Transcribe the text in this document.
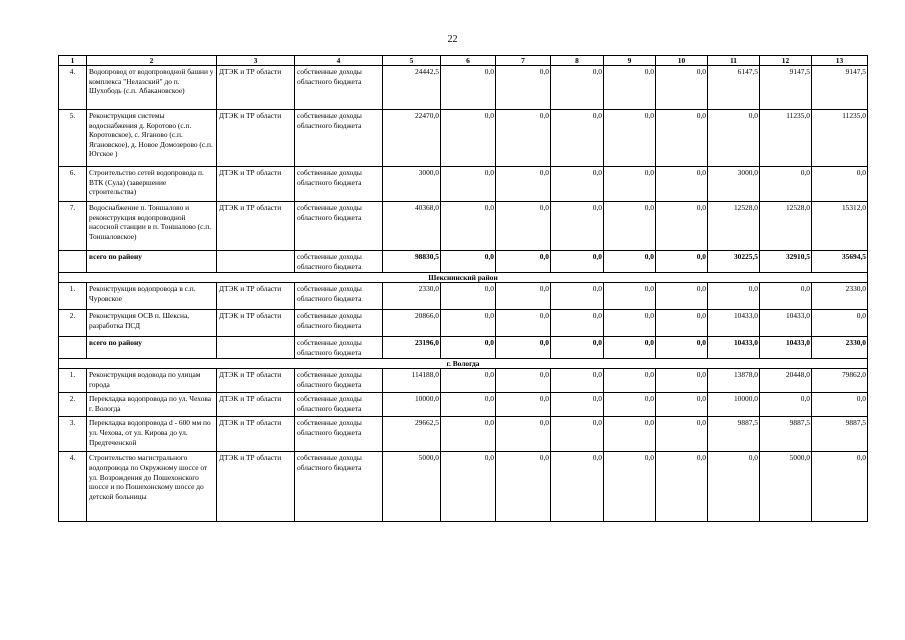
22
1	2	3	4	5	6	7	8	9	10	11	12	13
4.	Водопровод от водопроводной башни у комплекса "Нелазский" до п. Шухободь (с.п. Абакановское)	ДТЭК и ТР области	собственные доходы областного бюджета	24442,5	0,0	0,0	0,0	0,0	0,0	6147,5	9147,5	9147,5
5.	Реконструкция системы водоснабжения д. Коротово (с.п. Коротовское), с. Яганово (с.п. Ягановское), д. Новое Домозерово (с.п. Югское )	ДТЭК и ТР области	собственные доходы областного бюджета	22470,0	0,0	0,0	0,0	0,0	0,0	0,0	11235,0	11235,0
6.	Строительство сетей водопровода п. ВТК (Сула) (завершение строительства)	ДТЭК и ТР области	собственные доходы областного бюджета	3000,0	0,0	0,0	0,0	0,0	0,0	3000,0	0,0	0,0
7.	Водоснабжение п. Тоншалово и реконструкция водопроводной насосной станции в п. Тоншалово (с.п. Тоншаловское)	ДТЭК и ТР области	собственные доходы областного бюджета	40368,0	0,0	0,0	0,0	0,0	0,0	12528,0	12528,0	15312,0
	всего по району		собственные доходы областного бюджета	98830,5	0,0	0,0	0,0	0,0	0,0	30225,5	32910,5	35694,5
Шекснинский район												
1.	Реконструкция водопровода в с.п. Чуровское	ДТЭК и ТР области	собственные доходы областного бюджета	2330,0	0,0	0,0	0,0	0,0	0,0	0,0	0,0	2330,0
2.	Реконструкция ОСВ п. Шексна, разработка ПСД	ДТЭК и ТР области	собственные доходы областного бюджета	20866,0	0,0	0,0	0,0	0,0	0,0	10433,0	10433,0	0,0
	всего по району		собственные доходы областного бюджета	23196,0	0,0	0,0	0,0	0,0	0,0	10433,0	10433,0	2330,0
г. Вологда												
1.	Реконструкция водовода по улицам города	ДТЭК и ТР области	собственные доходы областного бюджета	114188,0	0,0	0,0	0,0	0,0	0,0	13878,0	20448,0	79862,0
2.	Перекладка водопровода по ул. Чехова г. Вологда	ДТЭК и ТР области	собственные доходы областного бюджета	10000,0	0,0	0,0	0,0	0,0	0,0	10000,0	0,0	0,0
3.	Перекладка водопровода d - 600 мм по ул. Чехова, от ул. Кирова до ул. Предтеченской	ДТЭК и ТР области	собственные доходы областного бюджета	29662,5	0,0	0,0	0,0	0,0	0,0	9887,5	9887,5	9887,5
4.	Строительство магистрального водопровода по Окружному шоссе от ул. Возрождения до Пошехонского шоссе и по Пошехонскому шоссе до детской больницы	ДТЭК и ТР области	собственные доходы областного бюджета	5000,0	0,0	0,0	0,0	0,0	0,0	0,0	5000,0	0,0
